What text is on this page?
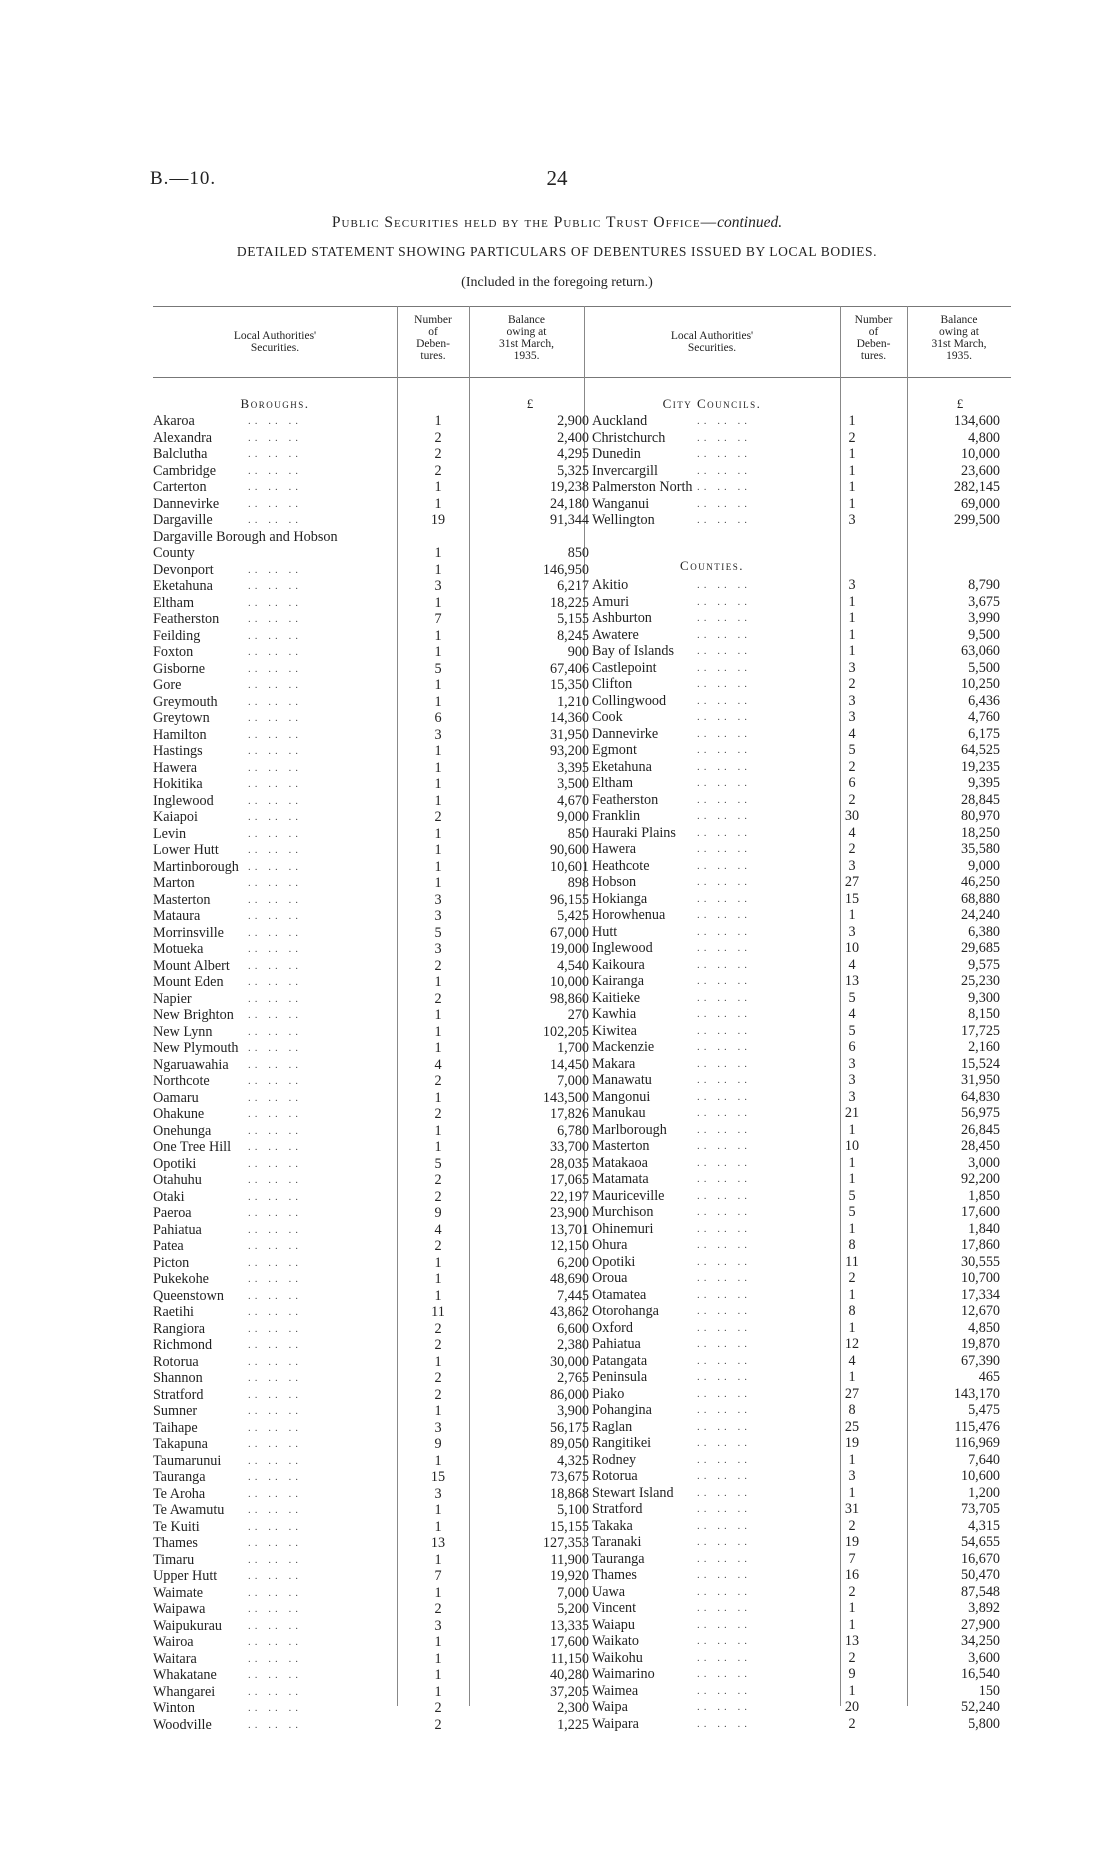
B.—10.	24
Public Securities held by the Public Trust Office—continued.
DETAILED STATEMENT SHOWING PARTICULARS OF DEBENTURES ISSUED BY LOCAL BODIES.
(Included in the foregoing return.)
Local Authorities'
Securities.
Number
of
Deben-
tures.
Balance
owing at
31st March,
1935.
Local Authorities'
Securities.
Number
of
Deben-
tures.
Balance
owing at
31st March,
1935.
£	£
Boroughs.	City Councils.
Counties.
Akaroa	.. .. ..	1	2,900
Alexandra	.. .. ..	2	2,400
Balclutha	.. .. ..	2	4,295
Cambridge	.. .. ..	2	5,325
Carterton	.. .. ..	1	19,238
Dannevirke	.. .. ..	1	24,180
Dargaville	.. .. ..	19	91,344
Dargaville Borough and Hobson
County	1	850
Devonport	.. .. ..	1	146,950
Eketahuna	.. .. ..	3	6,217
Eltham	.. .. ..	1	18,225
Featherston	.. .. ..	7	5,155
Feilding	.. .. ..	1	8,245
Foxton	.. .. ..	1	900
Gisborne	.. .. ..	5	67,406
Gore	.. .. ..	1	15,350
Greymouth	.. .. ..	1	1,210
Greytown	.. .. ..	6	14,360
Hamilton	.. .. ..	3	31,950
Hastings	.. .. ..	1	93,200
Hawera	.. .. ..	1	3,395
Hokitika	.. .. ..	1	3,500
Inglewood	.. .. ..	1	4,670
Kaiapoi	.. .. ..	2	9,000
Levin	.. .. ..	1	850
Lower Hutt	.. .. ..	1	90,600
Martinborough .. .. ..	1	10,601
Marton	.. .. ..	1	898
Masterton	.. .. ..	3	96,155
Mataura	.. .. ..	3	5,425
Morrinsville .. .. ..	5	67,000
Motueka	.. .. ..	3	19,000
Mount Albert .. .. ..	2	4,540
Mount Eden .. .. ..	1	10,000
Napier	.. .. ..	2	98,860
New Brighton .. .. ..	1	270
New Lynn	.. .. ..	1	102,205
New Plymouth .. .. ..	1	1,700
Ngaruawahia .. .. ..	4	14,450
Northcote	.. .. ..	2	7,000
Oamaru	.. .. ..	1	143,500
Ohakune	.. .. ..	2	17,826
Onehunga	.. .. ..	1	6,780
One Tree Hill .. .. ..	1	33,700
Opotiki	.. .. ..	5	28,035
Otahuhu	.. .. ..	2	17,065
Otaki	.. .. ..	2	22,197
Paeroa	.. .. ..	9	23,900
Pahiatua	.. .. ..	4	13,701
Patea	.. .. ..	2	12,150
Picton	.. .. ..	1	6,200
Pukekohe	.. .. ..	1	48,690
Queenstown .. .. ..	1	7,445
Raetihi	.. .. ..	11	43,862
Rangiora	.. .. ..	2	6,600
Richmond	.. .. ..	2	2,380
Rotorua	.. .. ..	1	30,000
Shannon	.. .. ..	2	2,765
Stratford	.. .. ..	2	86,000
Sumner	.. .. ..	1	3,900
Taihape	.. .. ..	3	56,175
Takapuna	.. .. ..	9	89,050
Taumarunui .. .. ..	1	4,325
Tauranga	.. .. ..	15	73,675
Te Aroha	.. .. ..	3	18,868
Te Awamutu .. .. ..	1	5,100
Te Kuiti	.. .. ..	1	15,155
Thames	.. .. ..	13	127,353
Timaru	.. .. ..	1	11,900
Upper Hutt	.. .. ..	7	19,920
Waimate	.. .. ..	1	7,000
Waipawa	.. .. ..	2	5,200
Waipukurau .. .. ..	3	13,335
Wairoa	.. .. ..	1	17,600
Waitara	.. .. ..	1	11,150
Whakatane	.. .. ..	1	40,280
Whangarei	.. .. ..	1	37,205
Winton	.. .. ..	2	2,300
Woodville	.. .. ..	2	1,225
Auckland	.. .. ..	1	134,600
Christchurch	.. .. ..	2	4,800
Dunedin	.. .. ..	1	10,000
Invercargill	.. .. ..	1	23,600
Palmerston North .. .. ..	1	282,145
Wanganui	.. .. ..	1	69,000
Wellington	.. .. ..	3	299,500
Akitio	.. .. ..	3	8,790
Amuri	.. .. ..	1	3,675
Ashburton	.. .. ..	1	3,990
Awatere	.. .. ..	1	9,500
Bay of Islands .. .. ..	1	63,060
Castlepoint	.. .. ..	3	5,500
Clifton	.. .. ..	2	10,250
Collingwood	.. .. ..	3	6,436
Cook	.. .. ..	3	4,760
Dannevirke	.. .. ..	4	6,175
Egmont	.. .. ..	5	64,525
Eketahuna	.. .. ..	2	19,235
Eltham	.. .. ..	6	9,395
Featherston	.. .. ..	2	28,845
Franklin	.. .. ..	30	80,970
Hauraki Plains .. .. ..	4	18,250
Hawera	.. .. ..	2	35,580
Heathcote	.. .. ..	3	9,000
Hobson	.. .. ..	27	46,250
Hokianga	.. .. ..	15	68,880
Horowhenua	.. .. ..	1	24,240
Hutt	.. .. ..	3	6,380
Inglewood	.. .. ..	10	29,685
Kaikoura	.. .. ..	4	9,575
Kairanga	.. .. ..	13	25,230
Kaitieke	.. .. ..	5	9,300
Kawhia	.. .. ..	4	8,150
Kiwitea	.. .. ..	5	17,725
Mackenzie	.. .. ..	6	2,160
Makara	.. .. ..	3	15,524
Manawatu	.. .. ..	3	31,950
Mangonui	.. .. ..	3	64,830
Manukau	.. .. ..	21	56,975
Marlborough	.. .. ..	1	26,845
Masterton	.. .. ..	10	28,450
Matakaoa	.. .. ..	1	3,000
Matamata	.. .. ..	1	92,200
Mauriceville	.. .. ..	5	1,850
Murchison	.. .. ..	5	17,600
Ohinemuri	.. .. ..	1	1,840
Ohura	.. .. ..	8	17,860
Opotiki	.. .. ..	11	30,555
Oroua	.. .. ..	2	10,700
Otamatea	.. .. ..	1	17,334
Otorohanga	.. .. ..	8	12,670
Oxford	.. .. ..	1	4,850
Pahiatua	.. .. ..	12	19,870
Patangata	.. .. ..	4	67,390
Peninsula	.. .. ..	1	465
Piako	.. .. ..	27	143,170
Pohangina	.. .. ..	8	5,475
Raglan	.. .. ..	25	115,476
Rangitikei	.. .. ..	19	116,969
Rodney	.. .. ..	1	7,640
Rotorua	.. .. ..	3	10,600
Stewart Island .. .. ..	1	1,200
Stratford	.. .. ..	31	73,705
Takaka	.. .. ..	2	4,315
Taranaki	.. .. ..	19	54,655
Tauranga	.. .. ..	7	16,670
Thames	.. .. ..	16	50,470
Uawa	.. .. ..	2	87,548
Vincent	.. .. ..	1	3,892
Waiapu	.. .. ..	1	27,900
Waikato	.. .. ..	13	34,250
Waikohu	.. .. ..	2	3,600
Waimarino	.. .. ..	9	16,540
Waimea	.. .. ..	1	150
Waipa	.. .. ..	20	52,240
Waipara	.. .. ..	2	5,800
